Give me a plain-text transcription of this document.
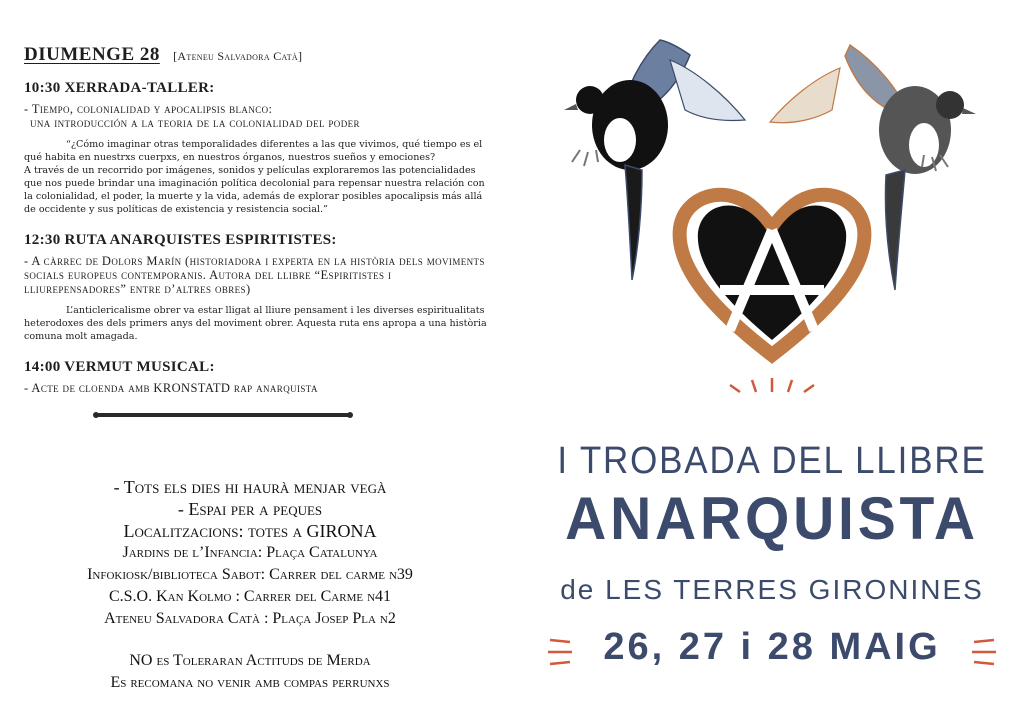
DIUMENGE 28 [Ateneu Salvadora Catà]
10:30 XERRADA-TALLER:
- Tiempo, colonialidad y apocalipsis blanco:
una introducción a la teoria de la colonialidad del poder
“¿Cómo imaginar otras temporalidades diferentes a las que vivimos, qué tiempo es el qué habita en nuestrxs cuerpxs, en nuestros órganos, nuestros sueños y emociones?
A través de un recorrido por imágenes, sonidos y películas exploraremos las potencialidades que nos puede brindar una imaginación política decolonial para repensar nuestra relación con la colonialidad, el poder, la muerte y la vida, además de explorar posibles apocalipsis más allá de occidente y sus políticas de existencia y resistencia social.”
12:30 RUTA ANARQUISTES ESPIRITISTES:
- A càrrec de Dolors Marín (historiadora i experta en la història dels moviments socials europeus contemporanis. Autora del llibre “Espiritistes i lliurepensadores” entre d’altres obres)
L’anticlericalisme obrer va estar lligat al lliure pensament i les diverses espiritualitats heterodoxes des dels primers anys del moviment obrer. Aquesta ruta ens apropa a una història comuna molt amagada.
14:00 VERMUT MUSICAL:
- Acte de cloenda amb KRONSTATD rap anarquista
- Tots els dies hi haurà menjar vegà
- Espai per a peques
Localitzacions: totes a GIRONA
Jardins de l’Infancia: Plaça Catalunya
Infokiosk/biblioteca Sabot: Carrer del carme n39
C.S.O. Kan Kolmo : Carrer del Carme n41
Ateneu Salvadora Catà : Plaça Josep Pla n2
NO es Toleraran Actituds de Merda
Es recomana no venir amb compas perrunxs
I TROBADA DEL LLIBRE
ANARQUISTA
de LES TERRES GIRONINES
26, 27 i 28 MAIG
